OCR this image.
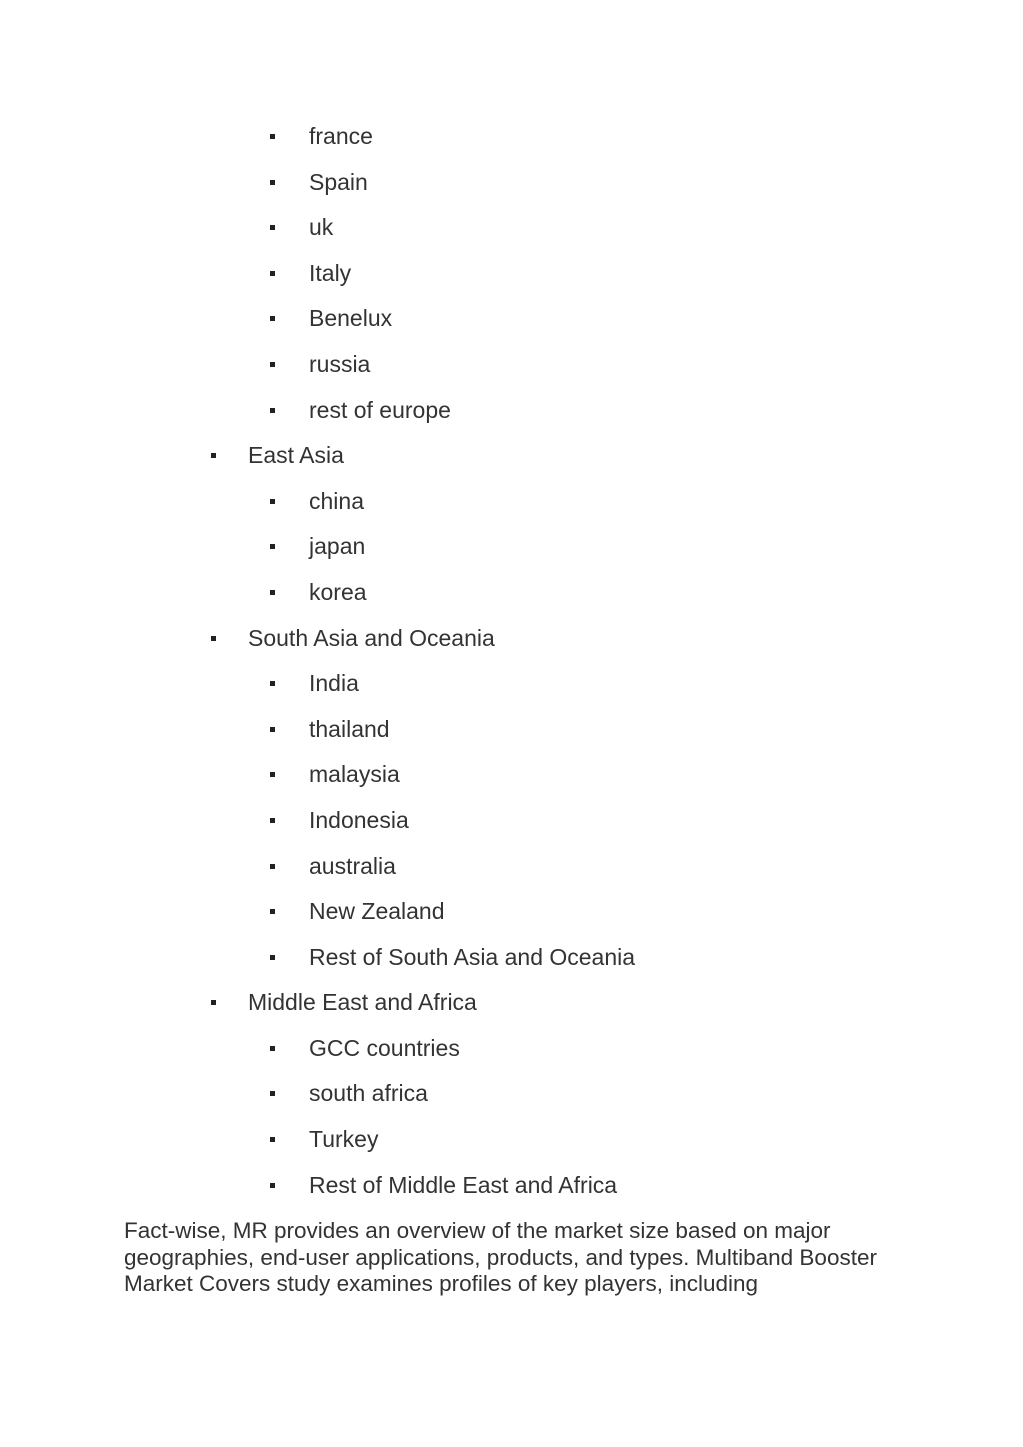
france
Spain
uk
Italy
Benelux
russia
rest of europe
East Asia
china
japan
korea
South Asia and Oceania
India
thailand
malaysia
Indonesia
australia
New Zealand
Rest of South Asia and Oceania
Middle East and Africa
GCC countries
south africa
Turkey
Rest of Middle East and Africa

Fact-wise, MR provides an overview of the market size based on major geographies, end-user applications, products, and types. Multiband Booster Market Covers study examines profiles of key players, including
